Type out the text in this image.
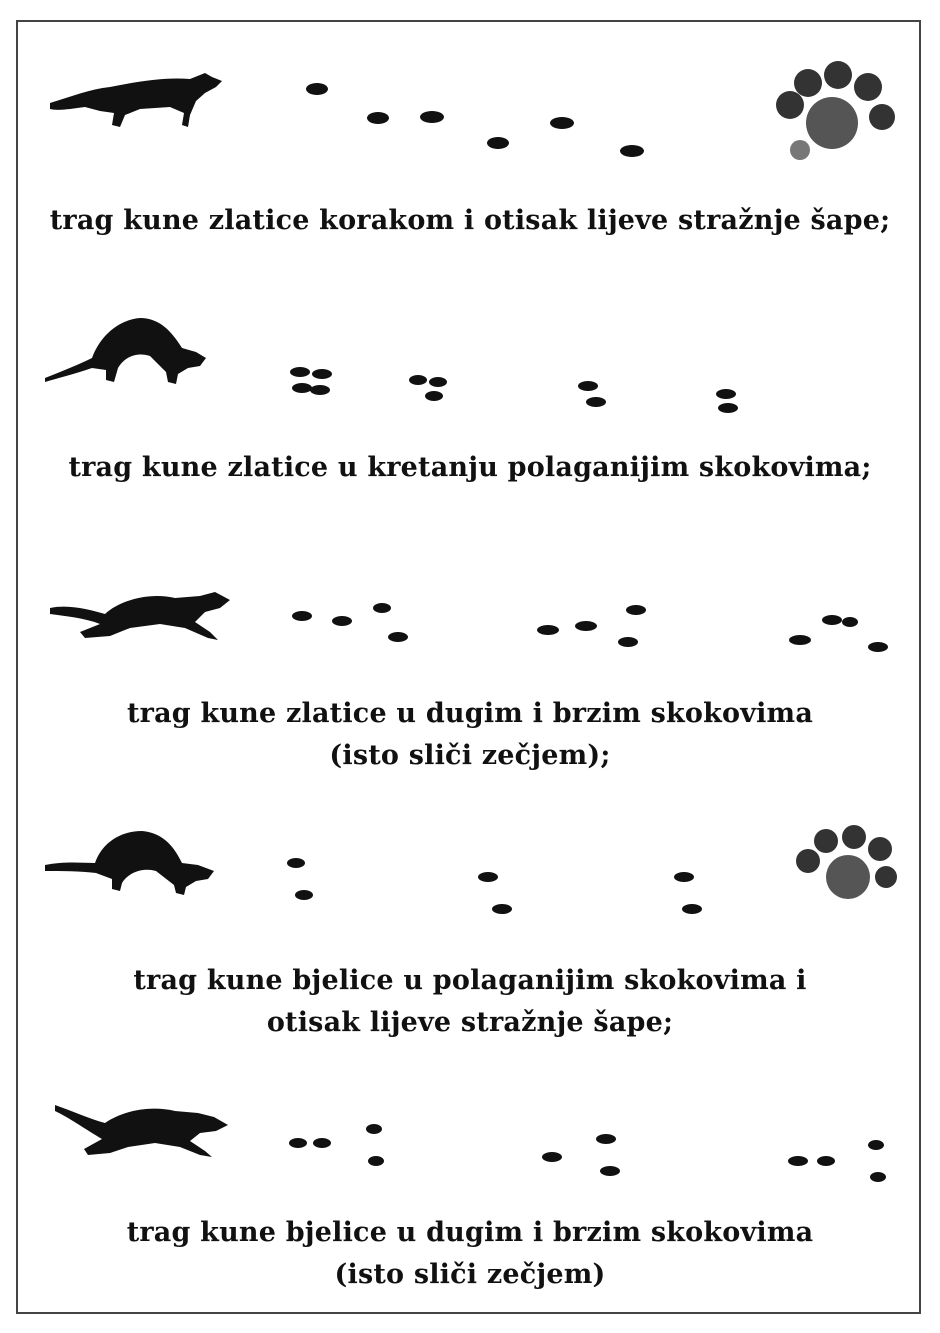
trag kune zlatice korakom i otisak lijeve stražnje šape;
trag kune zlatice u kretanju polaganijim skokovima;
trag kune zlatice u dugim i brzim skokovima
(isto sliči zečjem);
trag kune bjelice u polaganijim skokovima i
otisak lijeve stražnje šape;
trag kune bjelice u dugim i brzim skokovima
(isto sliči zečjem)
